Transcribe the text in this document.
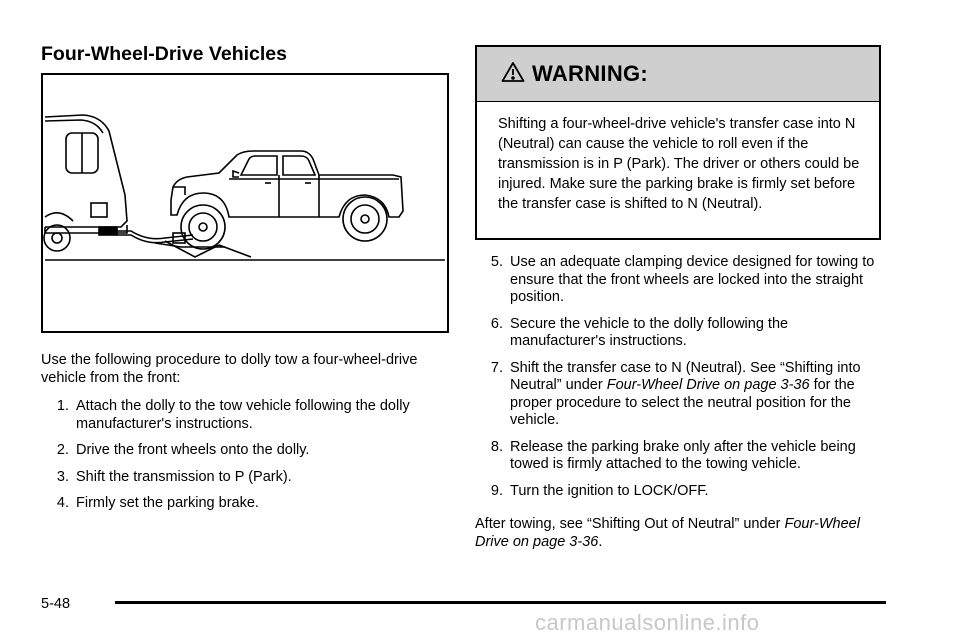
Four-Wheel-Drive Vehicles
Use the following procedure to dolly tow a four-wheel-drive vehicle from the front:
1. Attach the dolly to the tow vehicle following the dolly manufacturer's instructions.
2. Drive the front wheels onto the dolly.
3. Shift the transmission to P (Park).
4. Firmly set the parking brake.
WARNING:
Shifting a four-wheel-drive vehicle's transfer case into N (Neutral) can cause the vehicle to roll even if the transmission is in P (Park). The driver or others could be injured. Make sure the parking brake is firmly set before the transfer case is shifted to N (Neutral).
5. Use an adequate clamping device designed for towing to ensure that the front wheels are locked into the straight position.
6. Secure the vehicle to the dolly following the manufacturer's instructions.
7. Shift the transfer case to N (Neutral). See “Shifting into Neutral” under Four-Wheel Drive on page 3-36 for the proper procedure to select the neutral position for the vehicle.
8. Release the parking brake only after the vehicle being towed is firmly attached to the towing vehicle.
9. Turn the ignition to LOCK/OFF.
After towing, see “Shifting Out of Neutral” under Four-Wheel Drive on page 3-36.
5-48
carmanualsonline.info
